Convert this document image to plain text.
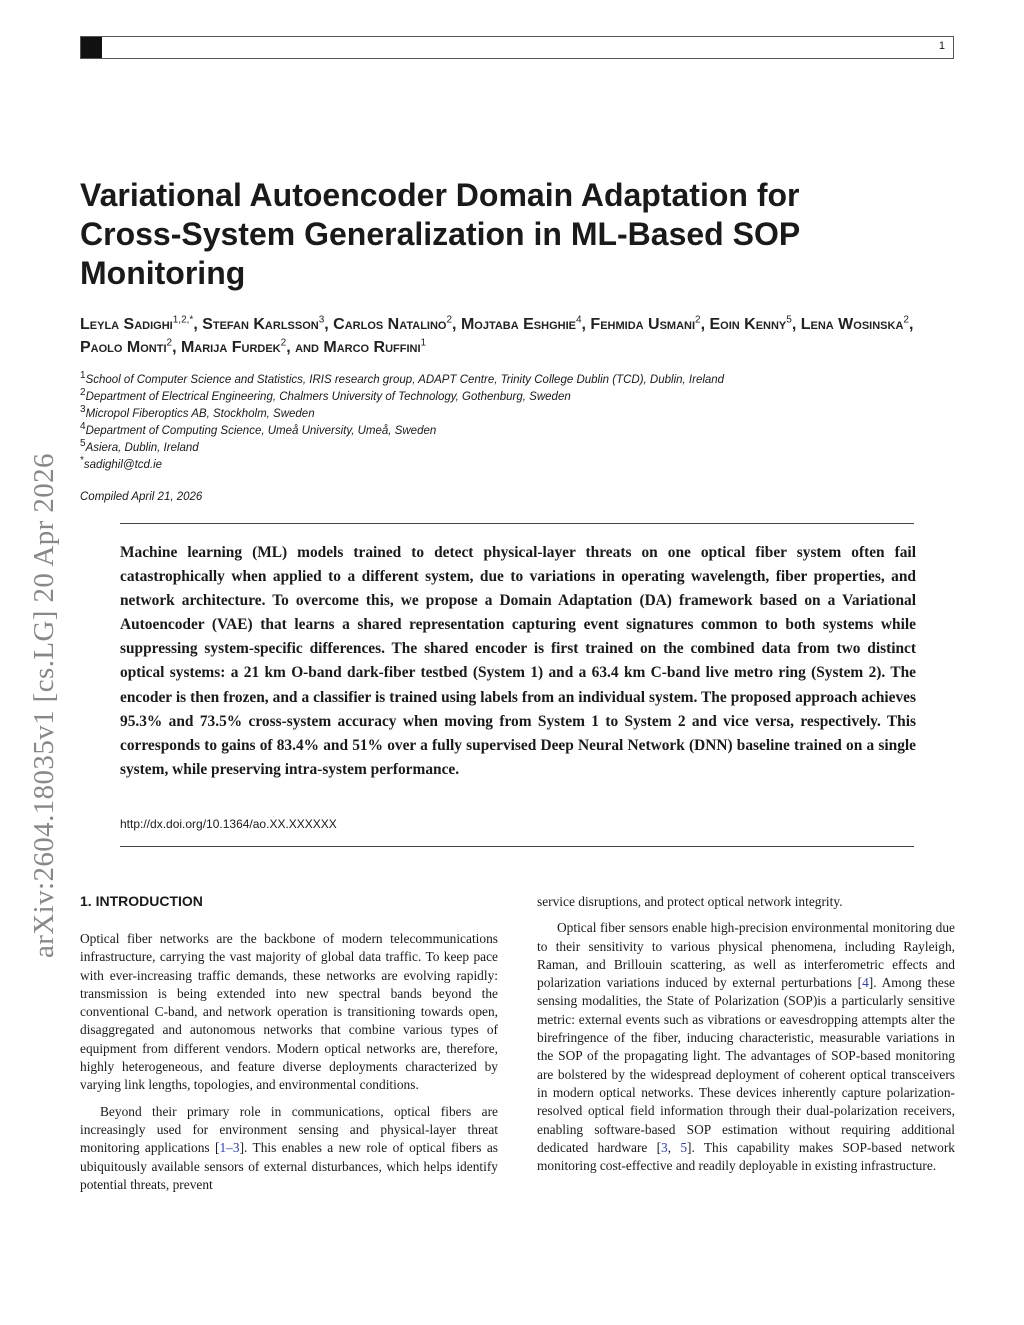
1
arXiv:2604.18035v1 [cs.LG] 20 Apr 2026
Variational Autoencoder Domain Adaptation for Cross-System Generalization in ML-Based SOP Monitoring
Leyla Sadighi$^{1,2,*}$, Stefan Karlsson$^3$, Carlos Natalino$^2$, Mojtaba Eshghie$^4$, Fehmida Usmani$^2$, Eoin Kenny$^5$, Lena Wosinska$^2$, Paolo Monti$^2$, Marija Furdek$^2$, and Marco Ruffini$^1$
$^1$School of Computer Science and Statistics, IRIS research group, ADAPT Centre, Trinity College Dublin (TCD), Dublin, Ireland
$^2$Department of Electrical Engineering, Chalmers University of Technology, Gothenburg, Sweden
$^3$Micropol Fiberoptics AB, Stockholm, Sweden
$^4$Department of Computing Science, Umeå University, Umeå, Sweden
$^5$Asiera, Dublin, Ireland
*sadighil@tcd.ie
Compiled April 21, 2026
Machine learning (ML) models trained to detect physical-layer threats on one optical fiber system often fail catastrophically when applied to a different system, due to variations in operating wavelength, fiber properties, and network architecture. To overcome this, we propose a Domain Adaptation (DA) framework based on a Variational Autoencoder (VAE) that learns a shared representation capturing event signatures common to both systems while suppressing system-specific differences. The shared encoder is first trained on the combined data from two distinct optical systems: a 21 km O-band dark-fiber testbed (System 1) and a 63.4 km C-band live metro ring (System 2). The encoder is then frozen, and a classifier is trained using labels from an individual system. The proposed approach achieves 95.3% and 73.5% cross-system accuracy when moving from System 1 to System 2 and vice versa, respectively. This corresponds to gains of 83.4% and 51% over a fully supervised Deep Neural Network (DNN) baseline trained on a single system, while preserving intra-system performance.
http://dx.doi.org/10.1364/ao.XX.XXXXXX
1. INTRODUCTION

Optical fiber networks are the backbone of modern telecommunications infrastructure, carrying the vast majority of global data traffic. To keep pace with ever-increasing traffic demands, these networks are evolving rapidly: transmission is being extended into new spectral bands beyond the conventional C-band, and network operation is transitioning towards open, disaggregated and autonomous networks that combine various types of equipment from different vendors. Modern optical networks are, therefore, highly heterogeneous, and feature diverse deployments characterized by varying link lengths, topologies, and environmental conditions.

Beyond their primary role in communications, optical fibers are increasingly used for environment sensing and physical-layer threat monitoring applications [1–3]. This enables a new role of optical fibers as ubiquitously available sensors of external disturbances, which helps identify potential threats, prevent

service disruptions, and protect optical network integrity.

Optical fiber sensors enable high-precision environmental monitoring due to their sensitivity to various physical phenomena, including Rayleigh, Raman, and Brillouin scattering, as well as interferometric effects and polarization variations induced by external perturbations [4]. Among these sensing modalities, the State of Polarization (SOP)is a particularly sensitive metric: external events such as vibrations or eavesdropping attempts alter the birefringence of the fiber, inducing characteristic, measurable variations in the SOP of the propagating light. The advantages of SOP-based monitoring are bolstered by the widespread deployment of coherent optical transceivers in modern optical networks. These devices inherently capture polarization-resolved optical field information through their dual-polarization receivers, enabling software-based SOP estimation without requiring additional dedicated hardware [3, 5]. This capability makes SOP-based network monitoring cost-effective and readily deployable in existing infrastructure.
